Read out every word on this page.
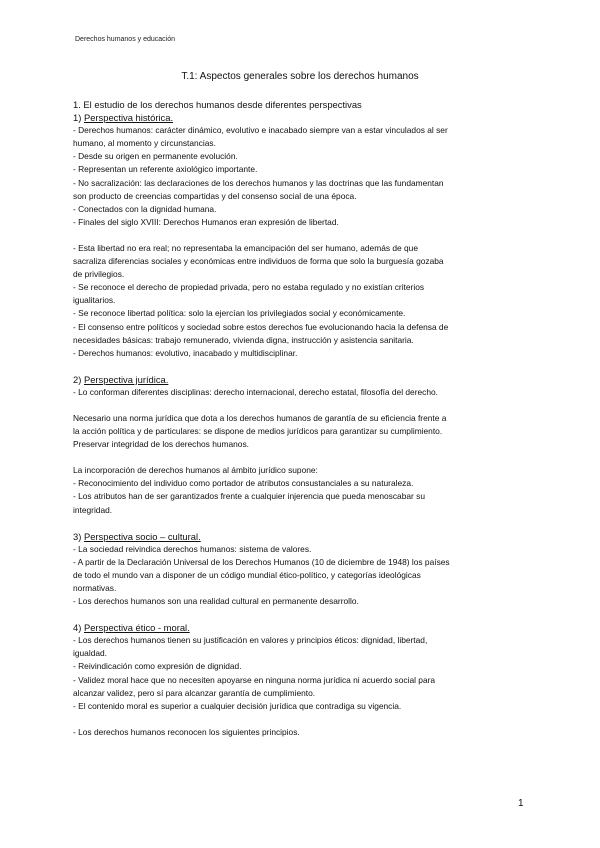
Derechos humanos y educación
T.1: Aspectos generales sobre los derechos humanos

1. El estudio de los derechos humanos desde diferentes perspectivas

1) Perspectiva histórica.

- Derechos humanos: carácter dinámico, evolutivo e inacabado siempre van a estar vinculados al ser

humano, al momento y circunstancias.

- Desde su origen en permanente evolución.

- Representan un referente axiológico importante.

- No sacralización: las declaraciones de los derechos humanos y las doctrinas que las fundamentan

son producto de creencias compartidas y del consenso social de una época.

- Conectados con la dignidad humana.

- Finales del siglo XVIII: Derechos Humanos eran expresión de libertad.

- Esta libertad no era real; no representaba la emancipación del ser humano, además de que

sacraliza diferencias sociales y económicas entre individuos de forma que solo la burguesía gozaba

de privilegios.

- Se reconoce el derecho de propiedad privada, pero no estaba regulado y no existían criterios

igualitarios.

- Se reconoce libertad política: solo la ejercían los privilegiados social y económicamente.

- El consenso entre políticos y sociedad sobre estos derechos fue evolucionando hacia la defensa de

necesidades básicas: trabajo remunerado, vivienda digna, instrucción y asistencia sanitaria.

- Derechos humanos: evolutivo, inacabado y multidisciplinar.

2) Perspectiva jurídica.

- Lo conforman diferentes disciplinas: derecho internacional, derecho estatal, filosofía del derecho.

Necesario una norma jurídica que dota a los derechos humanos de garantía de su eficiencia frente a

la acción política y de particulares: se dispone de medios jurídicos para garantizar su cumplimiento.

Preservar integridad de los derechos humanos.

La incorporación de derechos humanos al ámbito jurídico supone:

- Reconocimiento del individuo como portador de atributos consustanciales a su naturaleza.

- Los atributos han de ser garantizados frente a cualquier injerencia que pueda menoscabar su

integridad.

3) Perspectiva socio – cultural.

- La sociedad reivindica derechos humanos: sistema de valores.

- A partir de la Declaración Universal de los Derechos Humanos (10 de diciembre de 1948) los países

de todo el mundo van a disponer de un código mundial ético-político, y categorías ideológicas

normativas.

- Los derechos humanos son una realidad cultural en permanente desarrollo.

4) Perspectiva ético - moral.

- Los derechos humanos tienen su justificación en valores y principios éticos: dignidad, libertad,

igualdad.

- Reivindicación como expresión de dignidad.

- Validez moral hace que no necesiten apoyarse en ninguna norma jurídica ni acuerdo social para

alcanzar validez, pero sí para alcanzar garantía de cumplimiento.

- El contenido moral es superior a cualquier decisión jurídica que contradiga su vigencia.

- Los derechos humanos reconocen los siguientes principios.

1
